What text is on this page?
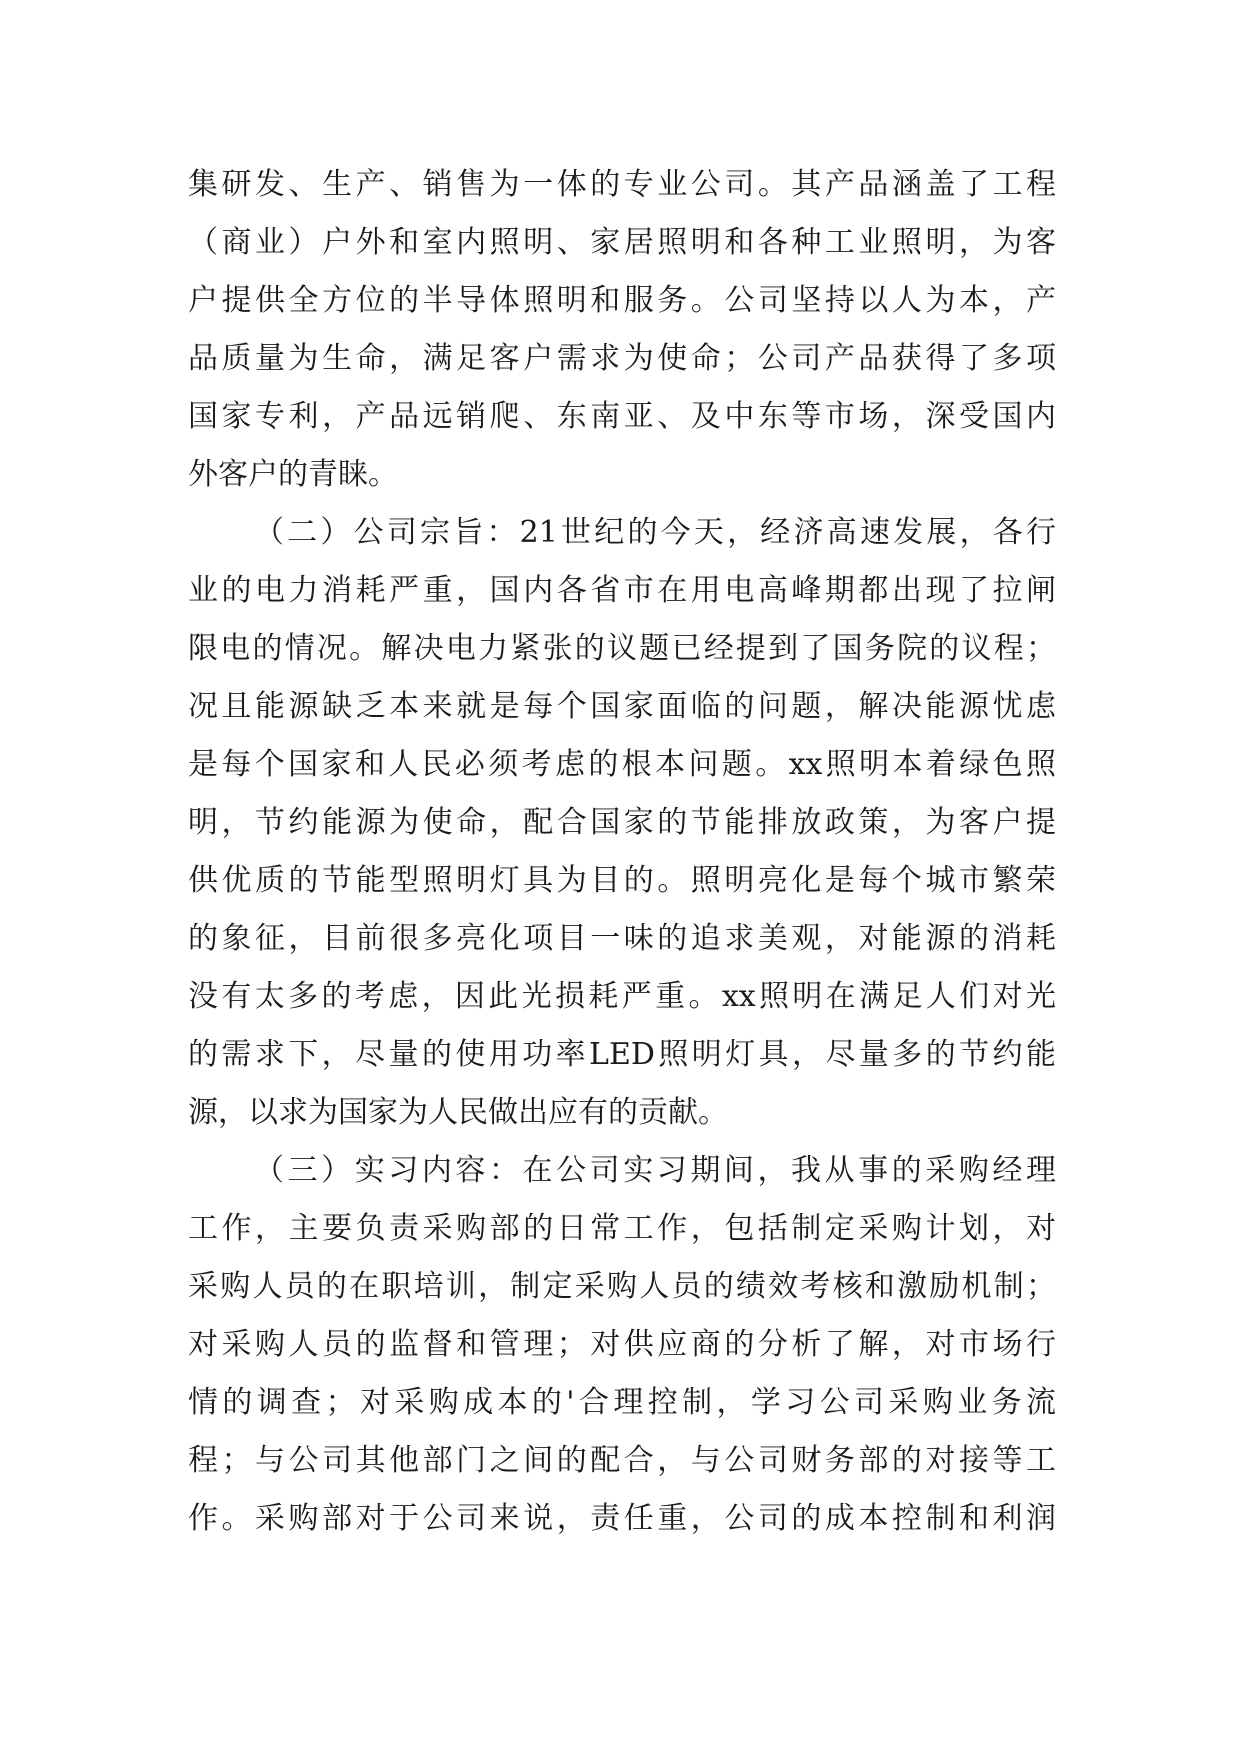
集研发、生产、销售为一体的专业公司。其产品涵盖了工程
（商业）户外和室内照明、家居照明和各种工业照明，为客
户提供全方位的半导体照明和服务。公司坚持以人为本，产
品质量为生命，满足客户需求为使命；公司产品获得了多项
国家专利，产品远销爬、东南亚、及中东等市场，深受国内
外客户的青睐。
（二）公司宗旨：21世纪的今天，经济高速发展，各行
业的电力消耗严重，国内各省市在用电高峰期都出现了拉闸
限电的情况。解决电力紧张的议题已经提到了国务院的议程；
况且能源缺乏本来就是每个国家面临的问题，解决能源忧虑
是每个国家和人民必须考虑的根本问题。xx照明本着绿色照
明，节约能源为使命，配合国家的节能排放政策，为客户提
供优质的节能型照明灯具为目的。照明亮化是每个城市繁荣
的象征，目前很多亮化项目一味的追求美观，对能源的消耗
没有太多的考虑，因此光损耗严重。xx照明在满足人们对光
的需求下，尽量的使用功率LED照明灯具，尽量多的节约能
源，以求为国家为人民做出应有的贡献。
（三）实习内容：在公司实习期间，我从事的采购经理
工作，主要负责采购部的日常工作，包括制定采购计划，对
采购人员的在职培训，制定采购人员的绩效考核和激励机制；
对采购人员的监督和管理；对供应商的分析了解，对市场行
情的调查；对采购成本的'合理控制，学习公司采购业务流
程；与公司其他部门之间的配合，与公司财务部的对接等工
作。采购部对于公司来说，责任重，公司的成本控制和利润
